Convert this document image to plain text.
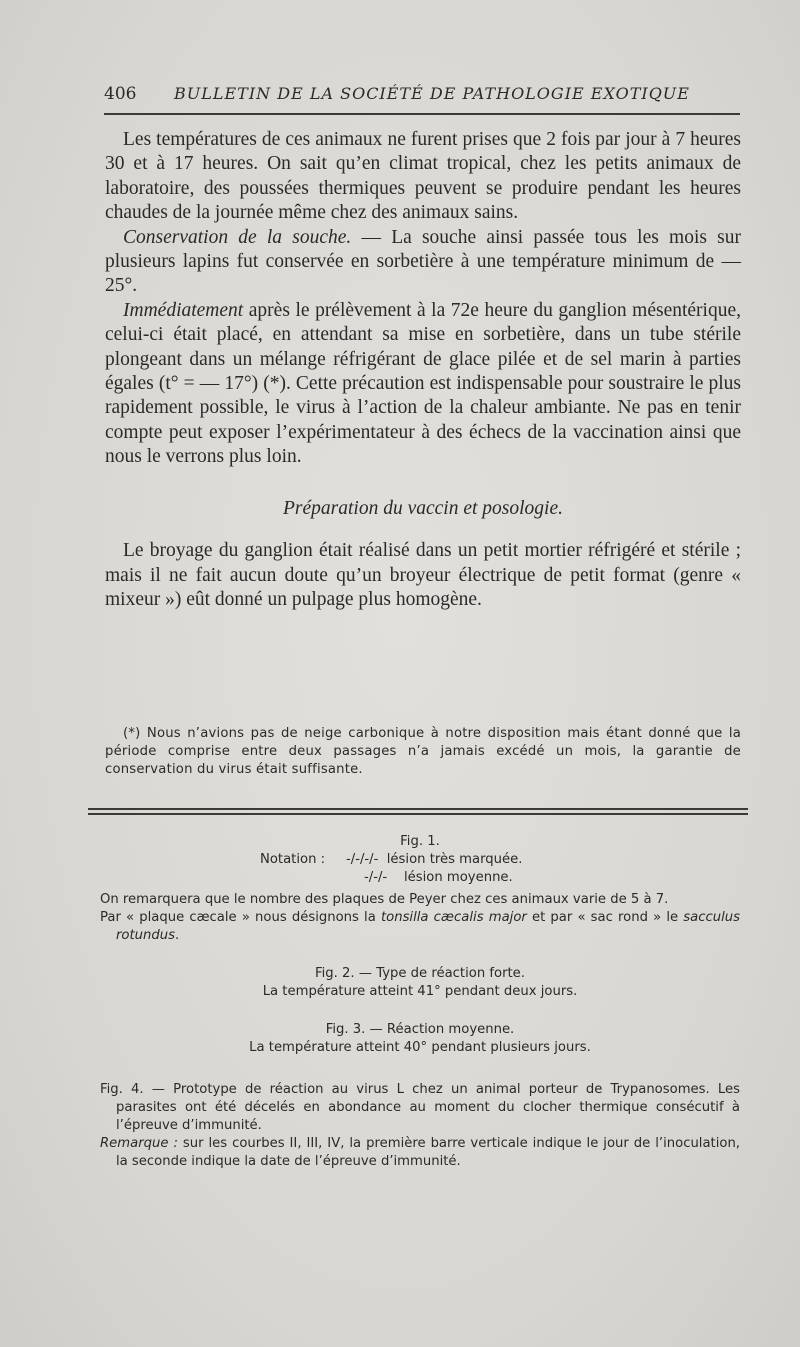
406 BULLETIN DE LA SOCIÉTÉ DE PATHOLOGIE EXOTIQUE

Les températures de ces animaux ne furent prises que 2 fois par jour à 7 heures 30 et à 17 heures. On sait qu’en climat tropical, chez les petits animaux de laboratoire, des poussées thermiques peuvent se produire pendant les heures chaudes de la journée même chez des animaux sains.

Conservation de la souche. — La souche ainsi passée tous les mois sur plusieurs lapins fut conservée en sorbetière à une température minimum de — 25°.

Immédiatement après le prélèvement à la 72e heure du ganglion mésentérique, celui-ci était placé, en attendant sa mise en sorbetière, dans un tube stérile plongeant dans un mélange réfrigérant de glace pilée et de sel marin à parties égales (t° = — 17°) (*). Cette précaution est indispensable pour soustraire le plus rapidement possible, le virus à l’action de la chaleur ambiante. Ne pas en tenir compte peut exposer l’expérimentateur à des échecs de la vaccination ainsi que nous le verrons plus loin.

Préparation du vaccin et posologie.

Le broyage du ganglion était réalisé dans un petit mortier réfrigéré et stérile ; mais il ne fait aucun doute qu’un broyeur électrique de petit format (genre « mixeur ») eût donné un pulpage plus homogène.

(*) Nous n’avions pas de neige carbonique à notre disposition mais étant donné que la période comprise entre deux passages n’a jamais excédé un mois, la garantie de conservation du virus était suffisante.

Fig. 1.

Notation : -/-/-/- lésion très marquée.
-/-/- lésion moyenne.

On remarquera que le nombre des plaques de Peyer chez ces animaux varie de 5 à 7.

Par « plaque cæcale » nous désignons la tonsilla cæcalis major et par « sac rond » le sacculus rotundus.

Fig. 2. — Type de réaction forte.

La température atteint 41° pendant deux jours.

Fig. 3. — Réaction moyenne.

La température atteint 40° pendant plusieurs jours.

Fig. 4. — Prototype de réaction au virus L chez un animal porteur de Trypanosomes. Les parasites ont été décelés en abondance au moment du clocher thermique consécutif à l’épreuve d’immunité.

Remarque : sur les courbes II, III, IV, la première barre verticale indique le jour de l’inoculation, la seconde indique la date de l’épreuve d’immunité.
